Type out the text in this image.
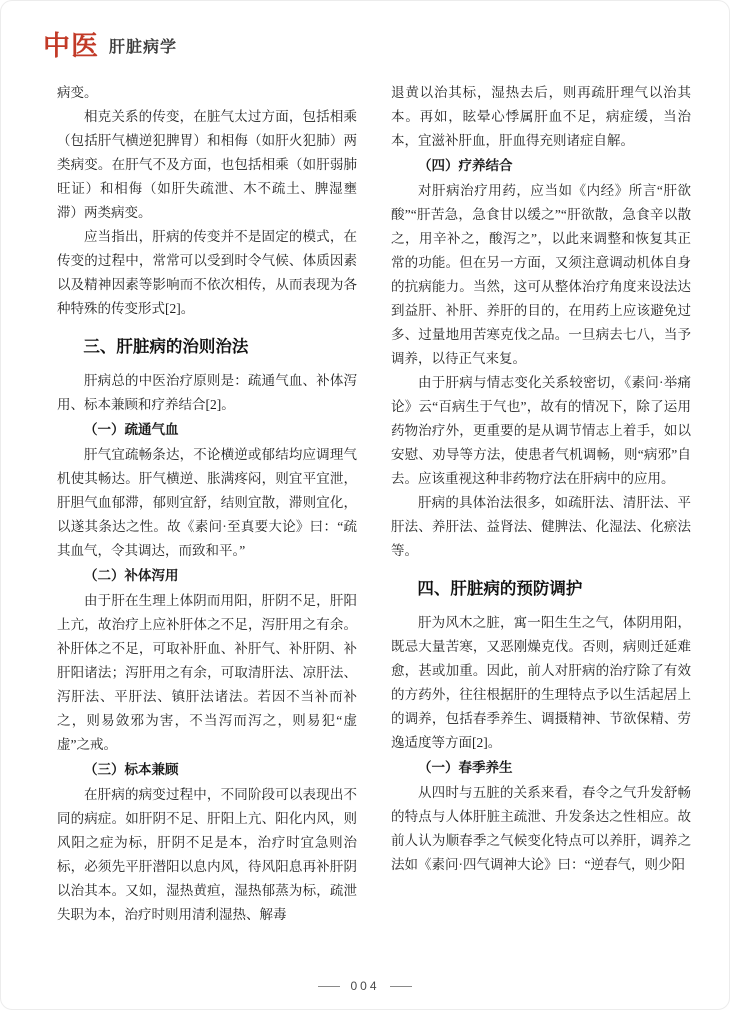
中医 肝脏病学
病变。
相克关系的传变，在脏气太过方面，包括相乘（包括肝气横逆犯脾胃）和相侮（如肝火犯肺）两类病变。在肝气不及方面，也包括相乘（如肝弱肺旺证）和相侮（如肝失疏泄、木不疏土、脾湿壅滞）两类病变。
应当指出，肝病的传变并不是固定的模式，在传变的过程中，常常可以受到时令气候、体质因素以及精神因素等影响而不依次相传，从而表现为各种特殊的传变形式[2]。
三、肝脏病的治则治法
肝病总的中医治疗原则是：疏通气血、补体泻用、标本兼顾和疗养结合[2]。
（一）疏通气血
肝气宜疏畅条达，不论横逆或郁结均应调理气机使其畅达。肝气横逆、胀满疼闷，则宜平宜泄，肝胆气血郁滞，郁则宜舒，结则宜散，滞则宜化，以遂其条达之性。故《素问·至真要大论》曰：“疏其血气，令其调达，而致和平。”
（二）补体泻用
由于肝在生理上体阴而用阳，肝阴不足，肝阳上亢，故治疗上应补肝体之不足，泻肝用之有余。补肝体之不足，可取补肝血、补肝气、补肝阴、补肝阳诸法；泻肝用之有余，可取清肝法、凉肝法、泻肝法、平肝法、镇肝法诸法。若因不当补而补之，则易敛邪为害，不当泻而泻之，则易犯“虚虚”之戒。
（三）标本兼顾
在肝病的病变过程中，不同阶段可以表现出不同的病症。如肝阴不足、肝阳上亢、阳化内风，则风阳之症为标，肝阴不足是本，治疗时宜急则治标，必须先平肝潜阳以息内风，待风阳息再补肝阴以治其本。又如，湿热黄疸，湿热郁蒸为标，疏泄失职为本，治疗时则用清利湿热、解毒
退黄以治其标，湿热去后，则再疏肝理气以治其本。再如，眩晕心悸属肝血不足，病症缓，当治本，宜滋补肝血，肝血得充则诸症自解。
（四）疗养结合
对肝病治疗用药，应当如《内经》所言“肝欲酸”“肝苦急，急食甘以缓之”“肝欲散，急食辛以散之，用辛补之，酸泻之”，以此来调整和恢复其正常的功能。但在另一方面，又须注意调动机体自身的抗病能力。当然，这可从整体治疗角度来设法达到益肝、补肝、养肝的目的，在用药上应该避免过多、过量地用苦寒克伐之品。一旦病去七八，当予调养，以待正气来复。
由于肝病与情志变化关系较密切，《素问·举痛论》云“百病生于气也”，故有的情况下，除了运用药物治疗外，更重要的是从调节情志上着手，如以安慰、劝导等方法，使患者气机调畅，则“病邪”自去。应该重视这种非药物疗法在肝病中的应用。
肝病的具体治法很多，如疏肝法、清肝法、平肝法、养肝法、益肾法、健脾法、化湿法、化瘀法等。
四、肝脏病的预防调护
肝为风木之脏，寓一阳生生之气，体阴用阳，既忌大量苦寒，又恶刚燥克伐。否则，病则迁延难愈，甚或加重。因此，前人对肝病的治疗除了有效的方药外，往往根据肝的生理特点予以生活起居上的调养，包括春季养生、调摄精神、节欲保精、劳逸适度等方面[2]。
（一）春季养生
从四时与五脏的关系来看，春令之气升发舒畅的特点与人体肝脏主疏泄、升发条达之性相应。故前人认为顺春季之气候变化特点可以养肝，调养之法如《素问·四气调神大论》曰：“逆春气，则少阳
004
